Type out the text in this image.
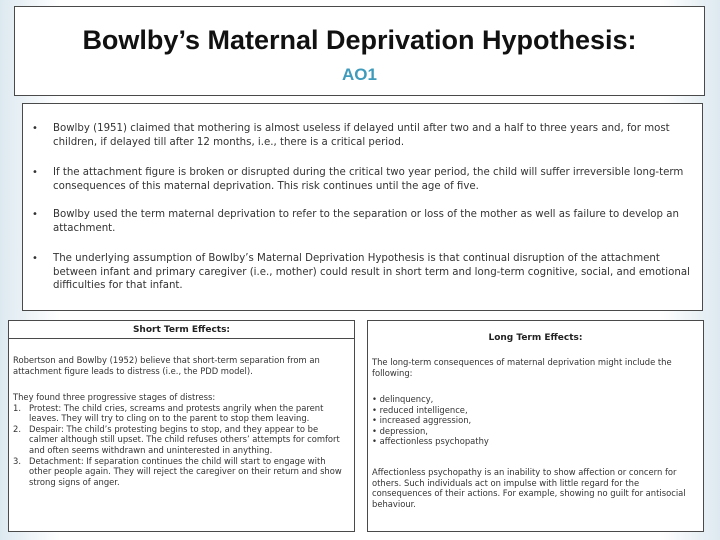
Bowlby’s Maternal Deprivation Hypothesis:
AO1
• Bowlby (1951) claimed that mothering is almost useless if delayed until after two and a half to three years and, for most children, if delayed till after 12 months, i.e., there is a critical period.
• If the attachment figure is broken or disrupted during the critical two year period, the child will suffer irreversible long-term consequences of this maternal deprivation. This risk continues until the age of five.
• Bowlby used the term maternal deprivation to refer to the separation or loss of the mother as well as failure to develop an attachment.
• The underlying assumption of Bowlby’s Maternal Deprivation Hypothesis is that continual disruption of the attachment between infant and primary caregiver (i.e., mother) could result in short term and long-term cognitive, social, and emotional difficulties for that infant.
Short Term Effects:
Robertson and Bowlby (1952) believe that short-term separation from an attachment figure leads to distress (i.e., the PDD model).
They found three progressive stages of distress:
1. Protest: The child cries, screams and protests angrily when the parent leaves. They will try to cling on to the parent to stop them leaving.
2. Despair: The child’s protesting begins to stop, and they appear to be calmer although still upset. The child refuses others’ attempts for comfort and often seems withdrawn and uninterested in anything.
3. Detachment: If separation continues the child will start to engage with other people again. They will reject the caregiver on their return and show strong signs of anger.
Long Term Effects:
The long-term consequences of maternal deprivation might include the following:
• delinquency,
• reduced intelligence,
• increased aggression,
• depression,
• affectionless psychopathy
Affectionless psychopathy is an inability to show affection or concern for others. Such individuals act on impulse with little regard for the consequences of their actions. For example, showing no guilt for antisocial behaviour.
